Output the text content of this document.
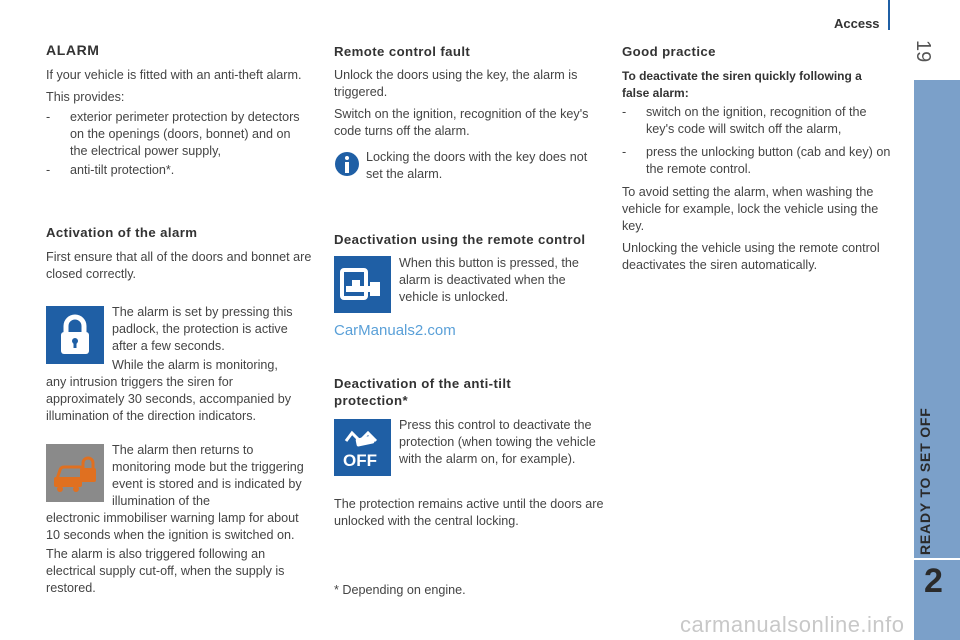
Access
19
READY TO SET OFF
2
ALARM

If your vehicle is fitted with an anti-theft alarm.

This provides:

- exterior perimeter protection by detectors on the openings (doors, bonnet) and on the electrical power supply,
- anti-tilt protection*.
Activation of the alarm
First ensure that all of the doors and bonnet are closed correctly.
The alarm is set by pressing this padlock, the protection is active after a few seconds.
While the alarm is monitoring,
any intrusion triggers the siren for approximately 30 seconds, accompanied by illumination of the direction indicators.
The alarm then returns to monitoring mode but the triggering event is stored and is indicated by illumination of the
electronic immobiliser warning lamp for about 10 seconds when the ignition is switched on.
The alarm is also triggered following an electrical supply cut-off, when the supply is restored.
Remote control fault

Unlock the doors using the key, the alarm is triggered.

Switch on the ignition, recognition of the key's code turns off the alarm.

Locking the doors with the key does not set the alarm.
Deactivation using the remote control
When this button is pressed, the alarm is deactivated when the vehicle is unlocked.
CarManuals2.com
Deactivation of the anti-tilt protection*
OFF
Press this control to deactivate the protection (when towing the vehicle with the alarm on, for example).
The protection remains active until the doors are unlocked with the central locking.
* Depending on engine.
Good practice
To deactivate the siren quickly following a false alarm:
- switch on the ignition, recognition of the key's code will switch off the alarm,
- press the unlocking button (cab and key) on the remote control.

To avoid setting the alarm, when washing the vehicle for example, lock the vehicle using the key.

Unlocking the vehicle using the remote control deactivates the siren automatically.

carmanualsonline.info
